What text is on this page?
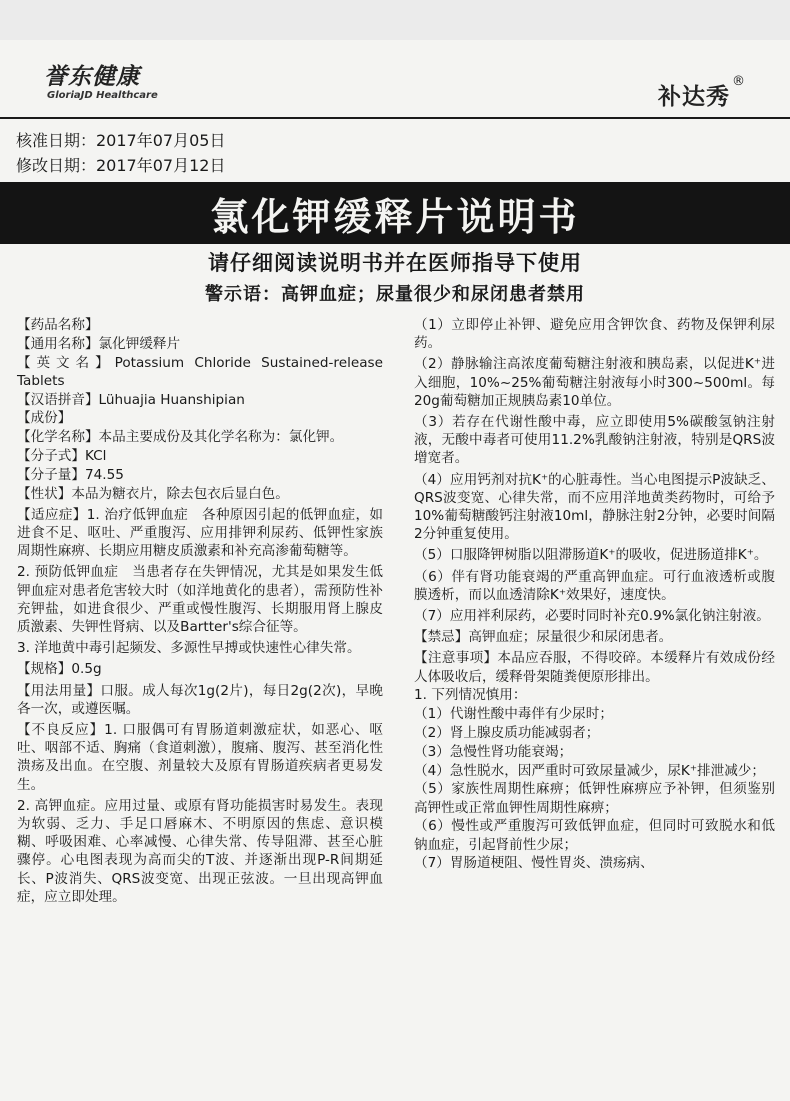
誉东健康
GloriaJD Healthcare	补达秀®
核准日期：2017年07月05日
修改日期：2017年07月12日
氯化钾缓释片说明书
请仔细阅读说明书并在医师指导下使用
警示语：高钾血症；尿量很少和尿闭患者禁用

【药品名称】

【通用名称】氯化钾缓释片

【英文名】Potassium Chloride Sustained-release Tablets

【汉语拼音】Lühuajia Huanshipian

【成份】

【化学名称】本品主要成份及其化学名称为：氯化钾。

【分子式】KCl

【分子量】74.55

【性状】本品为糖衣片，除去包衣后显白色。

【适应症】1. 治疗低钾血症　各种原因引起的低钾血症，如进食不足、呕吐、严重腹泻、应用排钾利尿药、低钾性家族周期性麻痹、长期应用糖皮质激素和补充高渗葡萄糖等。

2. 预防低钾血症　当患者存在失钾情况，尤其是如果发生低钾血症对患者危害较大时（如洋地黄化的患者），需预防性补充钾盐，如进食很少、严重或慢性腹泻、长期服用肾上腺皮质激素、失钾性肾病、以及Bartter's综合征等。

3. 洋地黄中毒引起频发、多源性早搏或快速性心律失常。

【规格】0.5g

【用法用量】口服。成人每次1g(2片)，每日2g(2次)，早晚各一次，或遵医嘱。

【不良反应】1. 口服偶可有胃肠道刺激症状，如恶心、呕吐、咽部不适、胸痛（食道刺激），腹痛、腹泻、甚至消化性溃疡及出血。在空腹、剂量较大及原有胃肠道疾病者更易发生。

2. 高钾血症。应用过量、或原有肾功能损害时易发生。表现为软弱、乏力、手足口唇麻木、不明原因的焦虑、意识模糊、呼吸困难、心率减慢、心律失常、传导阻滞、甚至心脏骤停。心电图表现为高而尖的T波、并逐渐出现P-R间期延长、P波消失、QRS波变宽、出现正弦波。一旦出现高钾血症，应立即处理。

（1）立即停止补钾、避免应用含钾饮食、药物及保钾利尿药。

（2）静脉输注高浓度葡萄糖注射液和胰岛素，以促进K⁺进入细胞，10%~25%葡萄糖注射液每小时300~500ml。每20g葡萄糖加正规胰岛素10单位。

（3）若存在代谢性酸中毒，应立即使用5%碳酸氢钠注射液，无酸中毒者可使用11.2%乳酸钠注射液，特别是QRS波增宽者。

（4）应用钙剂对抗K⁺的心脏毒性。当心电图提示P波缺乏、QRS波变宽、心律失常，而不应用洋地黄类药物时，可给予10%葡萄糖酸钙注射液10ml，静脉注射2分钟，必要时间隔2分钟重复使用。

（5）口服降钾树脂以阻滞肠道K⁺的吸收，促进肠道排K⁺。

（6）伴有肾功能衰竭的严重高钾血症。可行血液透析或腹膜透析，而以血透清除K⁺效果好，速度快。

（7）应用袢利尿药，必要时同时补充0.9%氯化钠注射液。

【禁忌】高钾血症；尿量很少和尿闭患者。

【注意事项】本品应吞服，不得咬碎。本缓释片有效成份经人体吸收后，缓释骨架随粪便原形排出。

1. 下列情况慎用：

（1）代谢性酸中毒伴有少尿时；

（2）肾上腺皮质功能减弱者；

（3）急慢性肾功能衰竭；

（4）急性脱水，因严重时可致尿量减少，尿K⁺排泄减少；

（5）家族性周期性麻痹；低钾性麻痹应予补钾，但须鉴别高钾性或正常血钾性周期性麻痹；

（6）慢性或严重腹泻可致低钾血症，但同时可致脱水和低钠血症，引起肾前性少尿；

（7）胃肠道梗阻、慢性胃炎、溃疡病、
